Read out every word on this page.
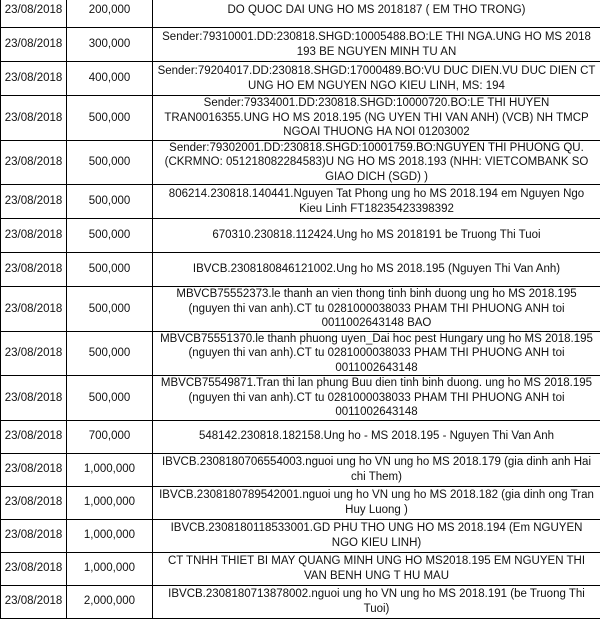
23/08/2018	200,000	DO QUOC DAI UNG HO MS 2018187 ( EM THO TRONG)
23/08/2018	300,000	Sender:79310001.DD:230818.SHGD:10005488.BO:LE THI NGA.UNG HO MS 2018 193 BE NGUYEN MINH TU AN
23/08/2018	400,000	Sender:79204017.DD:230818.SHGD:17000489.BO:VU DUC DIEN.VU DUC DIEN CT UNG HO EM NGUYEN NGO KIEU LINH, MS: 194
23/08/2018	500,000	Sender:79334001.DD:230818.SHGD:10000720.BO:LE THI HUYEN TRAN0016355.UNG HO MS 2018.195 (NG UYEN THI VAN ANH) (VCB) NH TMCP NGOAI THUONG HA NOI 01203002
23/08/2018	500,000	Sender:79302001.DD:230818.SHGD:10001759.BO:NGUYEN THI PHUONG QU.(CKRMNO: 051218082284583)U NG HO MS 2018.193 (NHH: VIETCOMBANK SO GIAO DICH (SGD) )
23/08/2018	500,000	806214.230818.140441.Nguyen Tat Phong ung ho MS 2018.194 em Nguyen Ngo Kieu Linh FT18235423398392
23/08/2018	500,000	670310.230818.112424.Ung ho MS 2018191 be Truong Thi Tuoi
23/08/2018	500,000	IBVCB.2308180846121002.Ung ho MS 2018.195 (Nguyen Thi Van Anh)
23/08/2018	500,000	MBVCB75552373.le thanh an vien thong tinh binh duong ung ho MS 2018.195 (nguyen thi van anh).CT tu 0281000038033 PHAM THI PHUONG ANH toi 0011002643148 BAO
23/08/2018	500,000	MBVCB75551370.le thanh phuong uyen_Dai hoc pest Hungary ung ho MS 2018.195 (nguyen thi van anh).CT tu 0281000038033 PHAM THI PHUONG ANH toi 0011002643148
23/08/2018	500,000	MBVCB75549871.Tran thi lan phung Buu dien tinh binh duong. ung ho MS 2018.195 (nguyen thi van anh).CT tu 0281000038033 PHAM THI PHUONG ANH toi 0011002643148
23/08/2018	700,000	548142.230818.182158.Ung ho - MS 2018.195 - Nguyen Thi Van Anh
23/08/2018	1,000,000	IBVCB.2308180706554003.nguoi ung ho VN ung ho MS 2018.179 (gia dinh anh Hai chi Them)
23/08/2018	1,000,000	IBVCB.2308180789542001.nguoi ung ho VN ung ho MS 2018.182 (gia dinh ong Tran Huy Luong )
23/08/2018	1,000,000	IBVCB.2308180118533001.GD PHU THO UNG HO MS 2018.194 (Em NGUYEN NGO KIEU LINH)
23/08/2018	1,000,000	CT TNHH THIET BI MAY QUANG MINH UNG HO MS2018.195 EM NGUYEN THI VAN BENH UNG T HU MAU
23/08/2018	2,000,000	IBVCB.2308180713878002.nguoi ung ho VN ung ho MS 2018.191 (be Truong Thi Tuoi)
